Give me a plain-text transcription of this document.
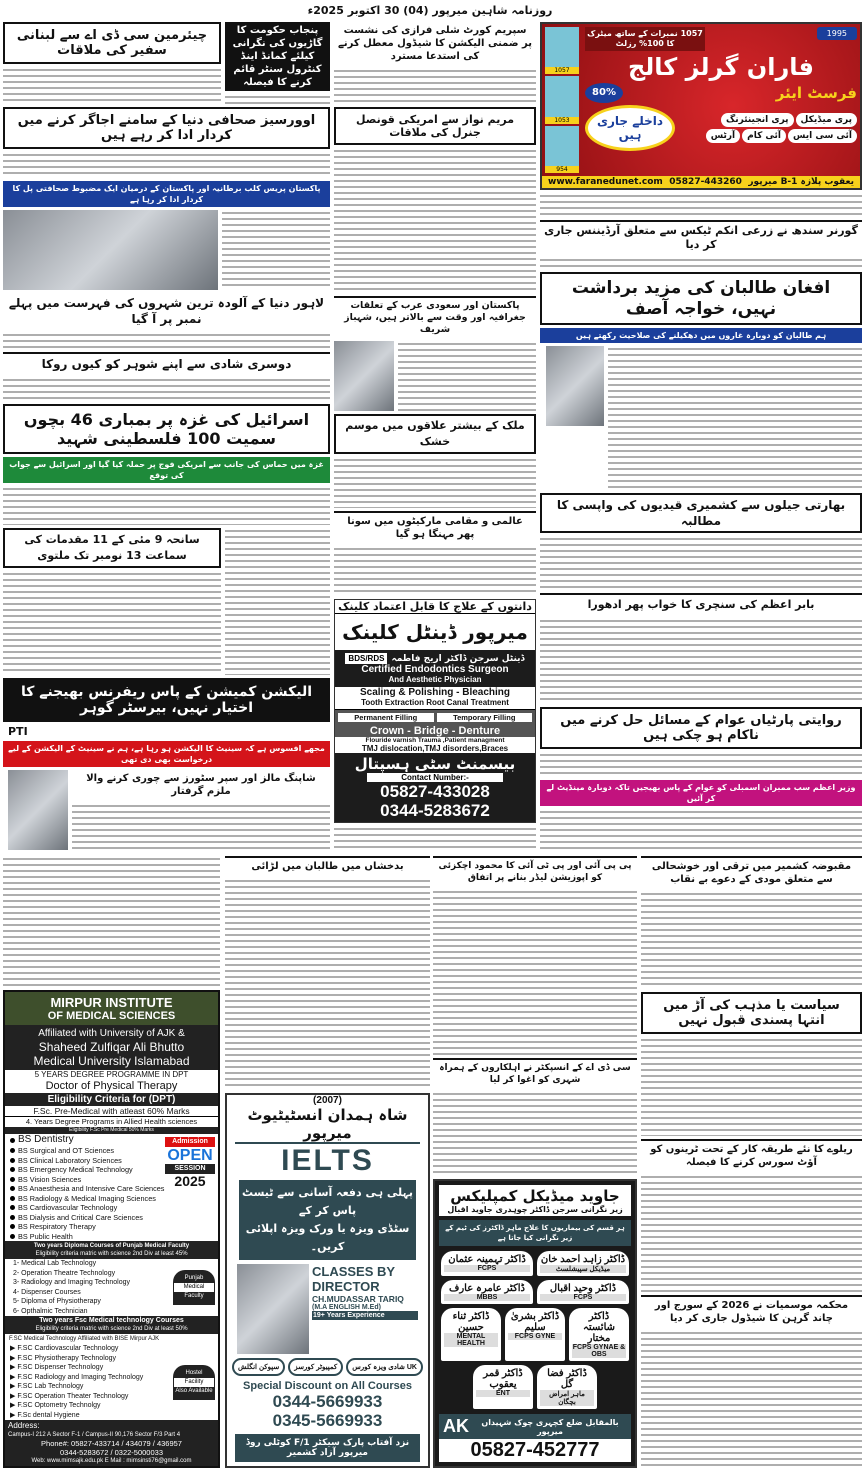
روزنامہ شاہین میرپور (04) 30 اکتوبر 2025ء
چیئرمین سی ڈی اے سے لبنانی سفیر کی ملاقات
پنجاب حکومت کا گاڑیوں کی نگرانی کیلئے کمانڈ اینڈ کنٹرول سنٹر قائم کرنے کا فیصلہ
اوورسیز صحافی دنیا کے سامنے اجاگر کرنے میں کردار ادا کر رہے ہیں
پاکستان پریس کلب برطانیہ اور پاکستان کے درمیان ایک مضبوط صحافتی پل کا کردار ادا کر رہا ہے
لاہور دنیا کے آلودہ ترین شہروں کی فہرست میں پہلے نمبر پر آ گیا
دوسری شادی سے اپنے شوہر کو کیوں روکا
اسرائیل کی غزہ پر بمباری 46 بچوں سمیت 100 فلسطینی شہید
غزہ میں حماس کی جانب سے امریکی فوج پر حملہ کیا گیا اور اسرائیل سے جواب کی توقع
سانحہ 9 مئی کے 11 مقدمات کی سماعت 13 نومبر تک ملتوی
الیکشن کمیشن کے پاس ریفرنس بھیجنے کا اختیار نہیں، بیرسٹر گوہر
PTI
مجھے افسوس ہے کہ سینیٹ کا الیکشن ہو رہا ہے، ہم نے سینیٹ کے الیکشن کے لیے درخواست بھی دی تھی
شاپنگ مالز اور سپر سٹورز سے چوری کرنے والا ملزم گرفتار
سپریم کورٹ شلی فرازی کی نشست پر ضمنی الیکشن کا شیڈول معطل کرنے کی استدعا مسترد
مریم نواز سے امریکی قونصل جنرل کی ملاقات
پاکستان اور سعودی عرب کے تعلقات جغرافیہ اور وقت سے بالاتر ہیں، شہباز شریف
ملک کے بیشتر علاقوں میں موسم خشک
عالمی و مقامی مارکیٹوں میں سونا پھر مہنگا ہو گیا
دانتوں کے علاج کا قابل اعتماد کلینک
میرپور ڈینٹل کلینک
BDS/RDS ڈینٹل سرجن ڈاکٹر اریج فاطمہ
Certified Endodontics Surgeon
And Aesthetic Physician
Scaling & Polishing - Bleaching
Tooth Extraction Root Canal Treatment
Permanent Filling	Temporary Filling
Crown - Bridge - Denture
Flouride varnish Trauma ,Patient managment
TMJ dislocation,TMJ disorders,Braces
بیسمنٹ سٹی ہسپتال
Contact Number:-
05827-433028
0344-5283672
1057
1053
954
1057 نمبرات کے ساتھ میٹرک کا 100% رزلٹ
1995
فاران گرلز کالج
80%	فرسٹ ایئر
داخلے جاری ہیں
پری میڈیکل
پری انجینئرنگ
آئی سی ایس
آئی کام
آرٹس
www.faranedunet.com 05827-443260 یعقوب پلازہ B-1 میرپور
گورنر سندھ نے زرعی انکم ٹیکس سے متعلق آرڈیننس جاری کر دیا
افغان طالبان کی مزید برداشت نہیں، خواجہ آصف
ہم طالبان کو دوبارہ غاروں میں دھکیلنے کی صلاحیت رکھتے ہیں
بھارتی جیلوں سے کشمیری قیدیوں کی واپسی کا مطالبہ
بابر اعظم کی سنچری کا خواب پھر ادھورا
روایتی پارٹیاں عوام کے مسائل حل کرنے میں ناکام ہو چکی ہیں
وزیر اعظم سب ممبران اسمبلی کو عوام کے پاس بھیجیں تاکہ دوبارہ مینڈیٹ لے کر آئیں
MIRPUR INSTITUTE
OF MEDICAL SCIENCES
Affiliated with University of AJK &
Shaheed Zulfiqar Ali Bhutto
Medical University Islamabad
5 YEARS DEGREE PROGRAMME IN DPT
Doctor of Physical Therapy
Eligibility Criteria for (DPT)
F.Sc. Pre-Medical with atleast 60% Marks
4. Years Degree Programs in Allied Health sciences
Eligibility F.Sc Pre Medical 50% Marks
BS Dentistry
BS Surgical and OT Sciences
BS Clinical Laboratory Sciences
BS Emergency Medical Technology
BS Vision Sciences
BS Anaesthesia and Intensive Care Sciences
BS Radiology & Medical Imaging Sciences
BS Cardiovascular Technology
BS Dialysis and Critical Care Sciences
BS Respiratory Therapy
BS Public Health
Admission
OPEN
SESSION
2025
Two years Diploma Courses of Punjab Medical Faculty
Eligibility criteria matric with science 2nd Div at least 45%
1- Medical Lab Technology
2- Operation Theatre Technology
3- Radiology and Imaging Technology
4- Dispenser Courses
5- Diploma of Physiotherapy
6- Opthalmic Technician
Punjab
Medical
Faculty
Two years Fsc Medical technology Courses
Eligibility criteria matric with science 2nd Div at least 50%
F.SC Medical Technology Affiliated with BISE Mirpur AJK
▶ F.SC Cardiovascular Technology
▶ F.SC Physiotherapy Technology
▶ F.SC Dispenser Technology
▶ F.SC Radiology and Imaging Technology
▶ F.SC Lab Technology
▶ F.SC Operation Theater Technology
▶ F.SC Optometry Technolgy
▶ F.Sc dental Hygiene
Hostel
Facility
Also Available
Address:
Campus-I 212 A Sector F-1 / Campus-II 90,176 Sector F/3 Part 4
Phone#: 05827-433714 / 434079 / 436957
0344-5283672 / 0322-5000033
Web: www.mimsajk.edu.pk E Mail : mimsinsti76@gmail.com
بدخشاں میں طالبان میں لڑائی
(2007)
شاہ ہمدان انسٹیٹیوٹ میرپور
IELTS
پہلی ہی دفعہ آسانی سے ٹیسٹ پاس کر کے
سٹڈی ویزہ یا ورک ویزہ اپلائی کریں۔
CLASSES BY
DIRECTOR
CH.MUDASSAR TARIQ
(M.A ENGLISH M.Ed)
19+ Years Experience
سپوکن انگلش	کمپیوٹر کورسز	UK شادی ویزہ کورس
Special Discount on All Courses
0344-5669933
0345-5669933
نزد آفتاب پارک سیکٹر F/1 کوٹلی روڈ میرپور آزاد کشمیر
پی پی آئی اور پی ٹی آئی کا محمود اچکزئی کو اپوزیشن لیڈر بنانے پر اتفاق
سی ڈی اے کے انسپکٹر نے اہلکاروں کے ہمراہ شہری کو اغوا کر لیا
جاوید میڈیکل کمپلیکس
زیر نگرانی سرجن ڈاکٹر چوہدری جاوید اقبال
ہر قسم کی بیماریوں کا علاج ماہر ڈاکٹرز کی ٹیم کے زیر نگرانی کیا جاتا ہے
ڈاکٹر تہمینہ عثمان
FCPS
ڈاکٹر زاہد احمد خان
میڈیکل سپیشلسٹ
ڈاکٹر عامرہ عارف
MBBS
ڈاکٹر وحید اقبال
FCPS
ڈاکٹر ثناء حسین
MENTAL HEALTH
ڈاکٹر بشریٰ سلیم
FCPS GYNE
ڈاکٹر شائستہ مختار
FCPS GYNAE & OBS
ڈاکٹر قمر یعقوب
ENT
ڈاکٹر فضا گل
ماہر امراض بچگان
AK	بالمقابل ضلع کچہری چوک شہیداں میرپور
05827-452777
مقبوضہ کشمیر میں ترقی اور خوشحالی سے متعلق مودی کے دعوے بے نقاب
سیاست یا مذہب کی آڑ میں انتہا پسندی قبول نہیں
ریلوے کا نئے طریقہ کار کے تحت ٹرینوں کو آؤٹ سورس کرنے کا فیصلہ
محکمہ موسمیات نے 2026 کے سورج اور چاند گرہن کا شیڈول جاری کر دیا
